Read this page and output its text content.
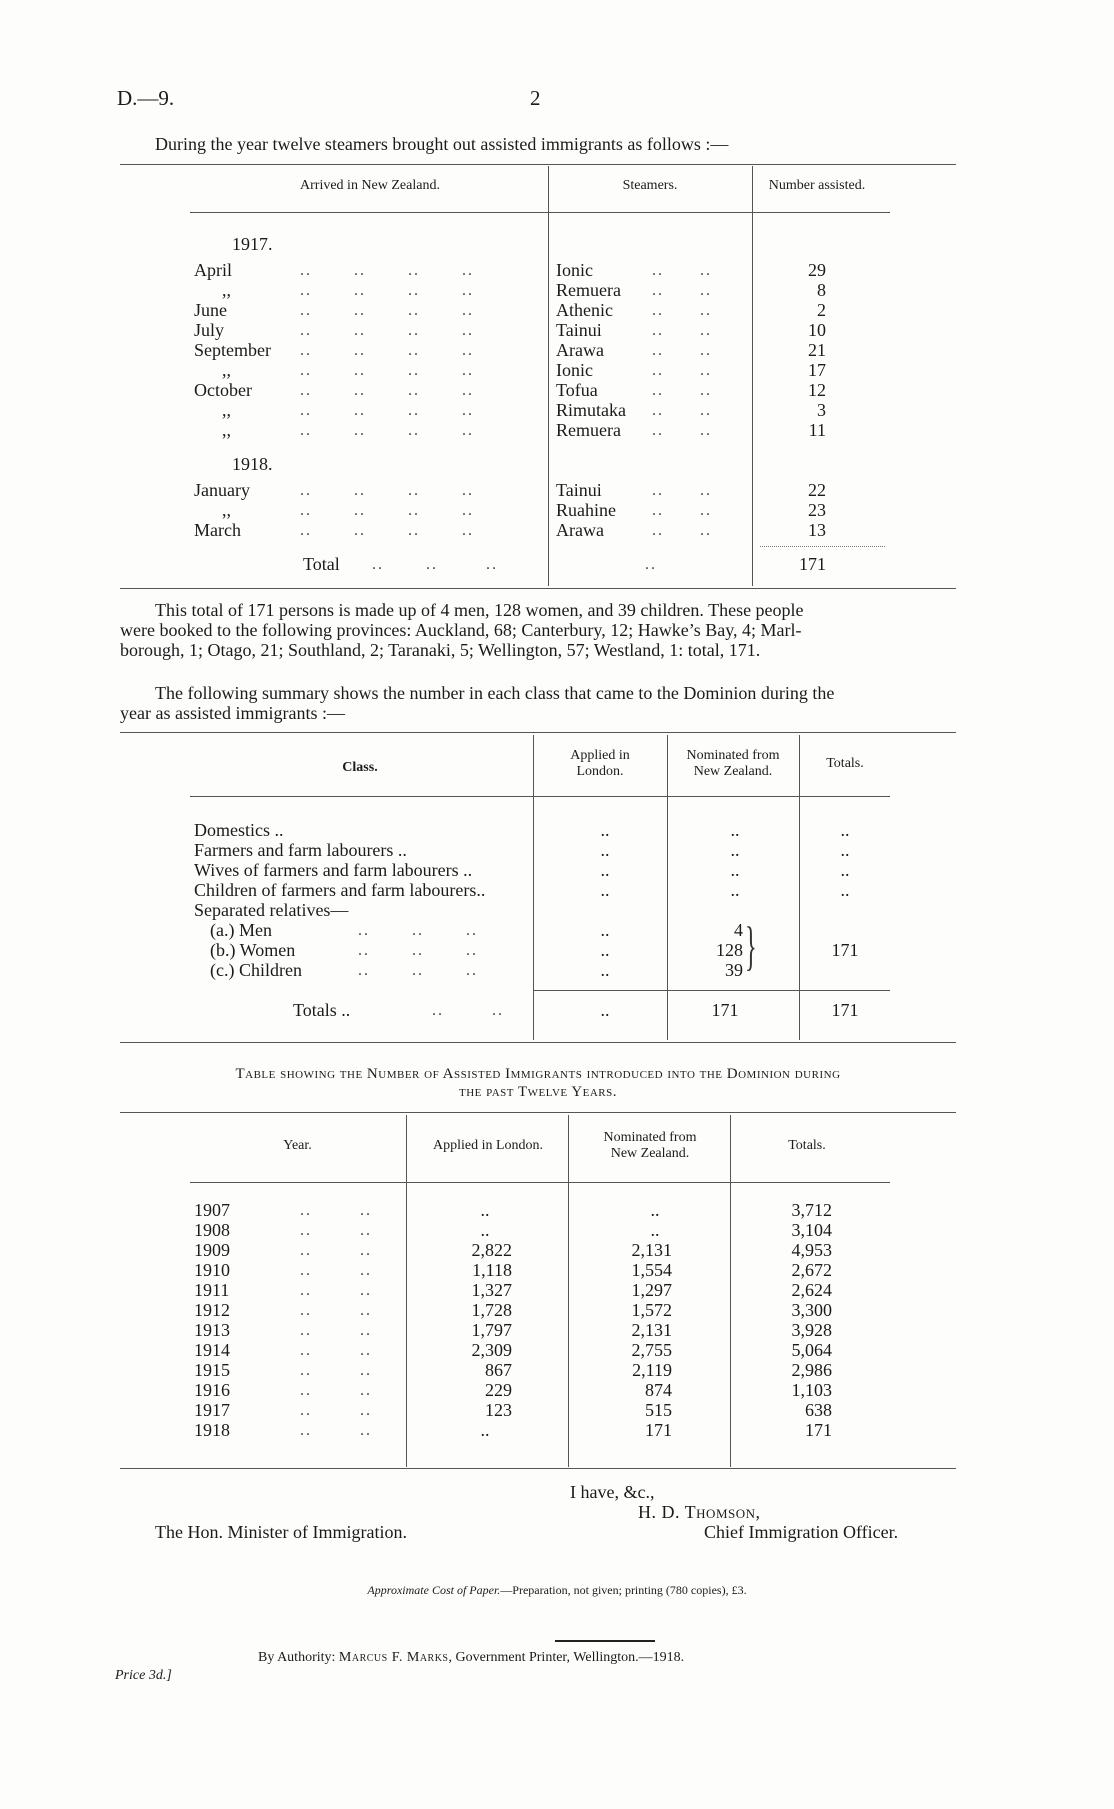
D.—9.	2
During the year twelve steamers brought out assisted immigrants as follows :—
Arrived in New Zealand.	Steamers.	Number assisted.
1917.
April	..       ..       ..       ..	Ionic	..      ..	29
,,	..       ..       ..       ..	Remuera ..      ..	8
June	..       ..       ..       ..	Athenic ..      ..	2
July	..       ..       ..       ..	Tainui	..      ..	10
September ..       ..       ..       ..	Arawa	..      ..	21
,,	..       ..       ..       ..	Ionic	..      ..	17
October	..       ..       ..       ..	Tofua	..      ..	12
,,	..       ..       ..       ..	Rimutaka ..      ..	3
,,	..       ..       ..       ..	Remuera ..      ..	11
1918.
January	..       ..       ..       ..	Tainui	..      ..	22
,,	..       ..       ..       ..	Ruahine ..      ..	23
March	..       ..       ..       ..	Arawa	..      ..	13
Total ..       ..        ..	..	171
This total of 171 persons is made up of 4 men, 128 women, and 39 children. These people
were booked to the following provinces: Auckland, 68; Canterbury, 12; Hawke’s Bay, 4; Marl-
borough, 1; Otago, 21; Southland, 2; Taranaki, 5; Wellington, 57; Westland, 1: total, 171.
The following summary shows the number in each class that came to the Dominion during the
year as assisted immigrants :—
Class.
Applied in
London.
Nominated from
New Zealand.
Totals.
Domestics ..	..	..	..
Farmers and farm labourers ..	..	..	..
Wives of farmers and farm labourers ..	..	..	..
Children of farmers and farm labourers..	..	..	..
Separated relatives—
(a.) Men	..       ..       ..	..	4
(b.) Women	..       ..       ..	..	128	171
(c.) Children	..       ..       ..	..	39 }
Totals ..	..        ..	..	171	171
Table showing the Number of Assisted Immigrants introduced into the Dominion during
the past Twelve Years.
Year.	Applied in London.
Nominated from
New Zealand.
Totals.
1907	..        ..	..	..	3,712
1908	..        ..	..	..	3,104
1909	..        ..	2,822	2,131	4,953
1910	..        ..	1,118	1,554	2,672
1911	..        ..	1,327	1,297	2,624
1912	..        ..	1,728	1,572	3,300
1913	..        ..	1,797	2,131	3,928
1914	..        ..	2,309	2,755	5,064
1915	..        ..	867	2,119	2,986
1916	..        ..	229	874	1,103
1917	..        ..	123	515	638
1918	..        ..	..	171	171
I have, &c.,
H. D. Thomson,
The Hon. Minister of Immigration.	Chief Immigration Officer.
Approximate Cost of Paper.—Preparation, not given; printing (780 copies), £3.
By Authority: Marcus F. Marks, Government Printer, Wellington.—1918.
Price 3d.]
